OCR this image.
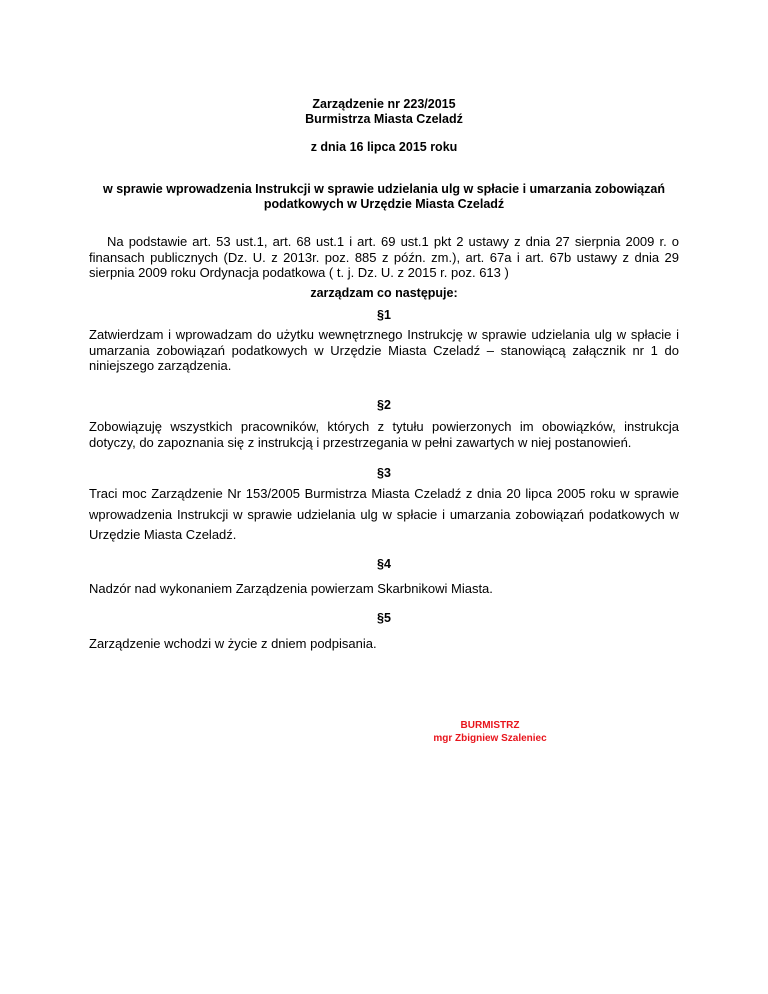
Zarządzenie nr 223/2015
Burmistrza Miasta Czeladź
z dnia 16 lipca 2015 roku
w sprawie wprowadzenia Instrukcji w sprawie udzielania ulg w spłacie i umarzania zobowiązań
podatkowych w Urzędzie Miasta Czeladź
Na podstawie art. 53 ust.1, art. 68 ust.1 i art. 69 ust.1 pkt 2 ustawy z dnia 27 sierpnia 2009 r. o finansach publicznych (Dz. U. z 2013r. poz. 885 z późn. zm.), art. 67a i art. 67b ustawy z dnia 29 sierpnia 2009 roku Ordynacja podatkowa ( t. j. Dz. U. z 2015 r. poz. 613 )
zarządzam co następuje:
§1
Zatwierdzam i wprowadzam do użytku wewnętrznego Instrukcję w sprawie udzielania ulg w spłacie i umarzania zobowiązań podatkowych w Urzędzie Miasta Czeladź – stanowiącą załącznik nr 1 do niniejszego zarządzenia.
§2
Zobowiązuję wszystkich pracowników, których z tytułu powierzonych im obowiązków, instrukcja dotyczy, do zapoznania się z instrukcją i przestrzegania w pełni zawartych w niej postanowień.
§3
Traci moc Zarządzenie Nr 153/2005 Burmistrza Miasta Czeladź z dnia 20 lipca 2005 roku w sprawie wprowadzenia Instrukcji w sprawie udzielania ulg w spłacie i umarzania zobowiązań podatkowych w Urzędzie Miasta Czeladź.
§4
Nadzór nad wykonaniem Zarządzenia powierzam Skarbnikowi Miasta.
§5
Zarządzenie wchodzi w życie z dniem podpisania.
BURMISTRZ
mgr Zbigniew Szaleniec
